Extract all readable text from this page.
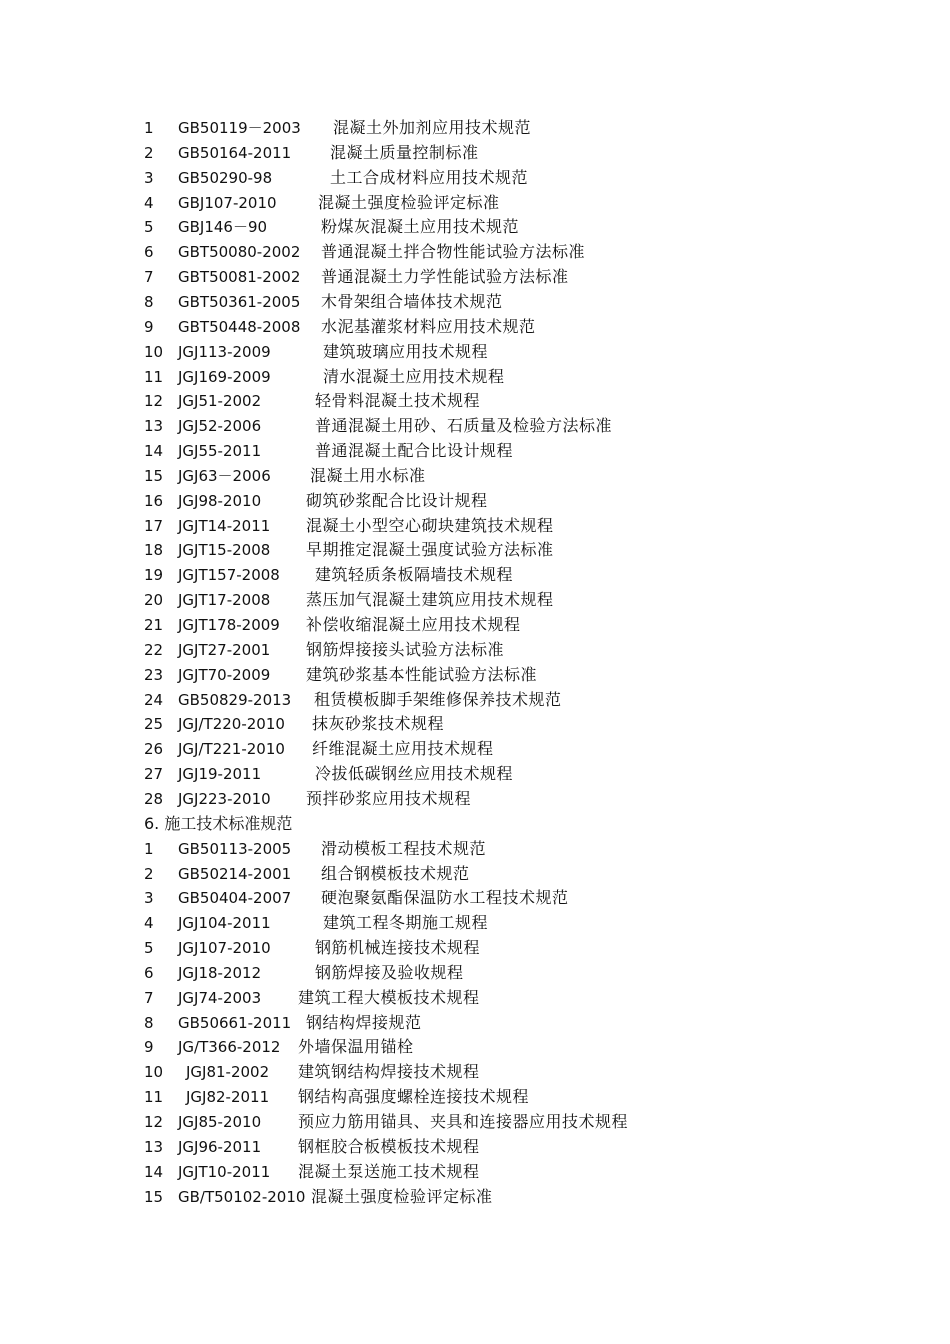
1 GB50119－2003 混凝土外加剂应用技术规范
2 GB50164-2011 混凝土质量控制标准
3 GB50290-98	土工合成材料应用技术规范
4 GBJ107-2010	混凝土强度检验评定标准
5 GBJ146－90	粉煤灰混凝土应用技术规范
6 GBT50080-2002 普通混凝土拌合物性能试验方法标准
7 GBT50081-2002 普通混凝土力学性能试验方法标准
8 GBT50361-2005 木骨架组合墙体技术规范
9 GBT50448-2008 水泥基灌浆材料应用技术规范
10 JGJ113-2009	建筑玻璃应用技术规程
11 JGJ169-2009	清水混凝土应用技术规程
12 JGJ51-2002	轻骨料混凝土技术规程
13 JGJ52-2006	普通混凝土用砂、石质量及检验方法标准
14 JGJ55-2011	普通混凝土配合比设计规程
15 JGJ63－2006 混凝土用水标准
16 JGJ98-2010	砌筑砂浆配合比设计规程
17 JGJT14-2011 混凝土小型空心砌块建筑技术规程
18 JGJT15-2008 早期推定混凝土强度试验方法标准
19 JGJT157-2008 建筑轻质条板隔墙技术规程
20 JGJT17-2008 蒸压加气混凝土建筑应用技术规程
21 JGJT178-2009 补偿收缩混凝土应用技术规程
22 JGJT27-2001 钢筋焊接接头试验方法标准
23 JGJT70-2009 建筑砂浆基本性能试验方法标准
24 GB50829-2013 租赁模板脚手架维修保养技术规范
25 JGJ/T220-2010 抹灰砂浆技术规程
26 JGJ/T221-2010 纤维混凝土应用技术规程
27 JGJ19-2011	冷拔低碳钢丝应用技术规程
28 JGJ223-2010 预拌砂浆应用技术规程
6. 施工技术标准规范
1 GB50113-2005 滑动模板工程技术规范
2 GB50214-2001 组合钢模板技术规范
3 GB50404-2007 硬泡聚氨酯保温防水工程技术规范
4 JGJ104-2011	建筑工程冬期施工规程
5 JGJ107-2010	钢筋机械连接技术规程
6 JGJ18-2012	钢筋焊接及验收规程
7 JGJ74-2003 建筑工程大模板技术规程
8 GB50661-2011 钢结构焊接规范
9 JG/T366-2012 外墙保温用锚栓
10 JGJ81-2002 建筑钢结构焊接技术规程
11 JGJ82-2011 钢结构高强度螺栓连接技术规程
12 JGJ85-2010 预应力筋用锚具、夹具和连接器应用技术规程
13 JGJ96-2011 钢框胶合板模板技术规程
14 JGJT10-2011 混凝土泵送施工技术规程
15 GB/T50102-2010 混凝土强度检验评定标准
